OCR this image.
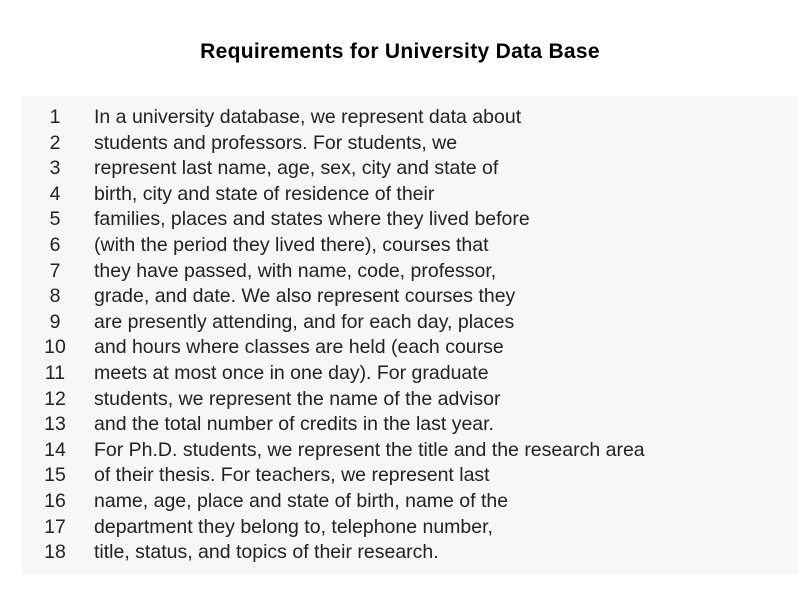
Requirements for University Data Base
1 In a university database, we represent data about
2 students and professors. For students, we
3 represent last name, age, sex, city and state of
4 birth, city and state of residence of their
5 families, places and states where they lived before
6 (with the period they lived there), courses that
7 they have passed, with name, code, professor,
8 grade, and date. We also represent courses they
9 are presently attending, and for each day, places
10 and hours where classes are held (each course
11 meets at most once in one day). For graduate
12 students, we represent the name of the advisor
13 and the total number of credits in the last year.
14 For Ph.D. students, we represent the title and the research area
15 of their thesis. For teachers, we represent last
16 name, age, place and state of birth, name of the
17 department they belong to, telephone number,
18 title, status, and topics of their research.
